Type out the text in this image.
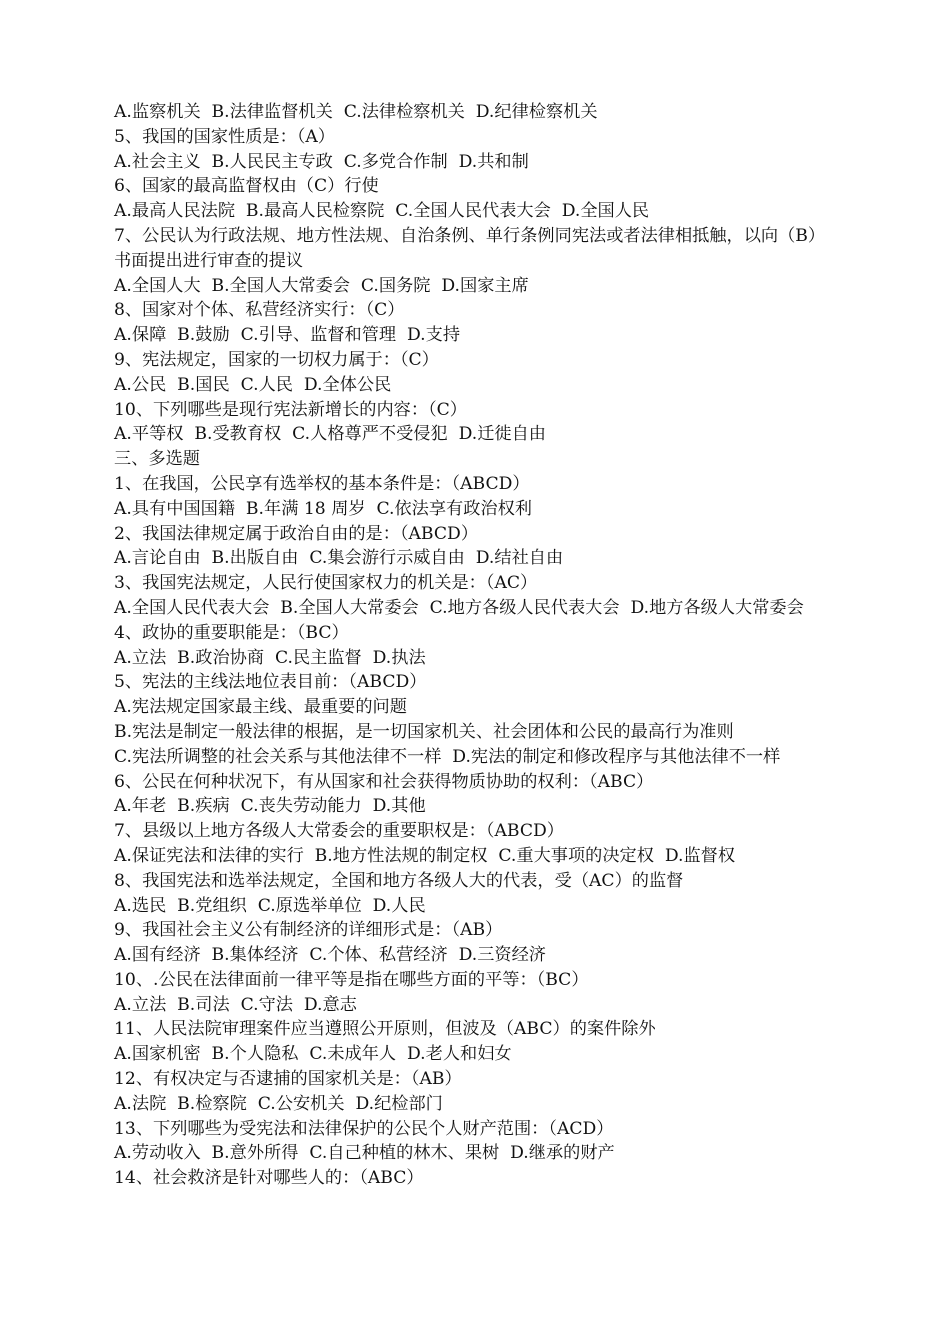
A.监察机关  B.法律监督机关  C.法律检察机关  D.纪律检察机关
5、我国的国家性质是：（A）
A.社会主义  B.人民民主专政  C.多党合作制  D.共和制
6、国家的最高监督权由（C）行使
A.最高人民法院  B.最高人民检察院  C.全国人民代表大会  D.全国人民
7、公民认为行政法规、地方性法规、自治条例、单行条例同宪法或者法律相抵触，以向（B）书面提出进行审查的提议
A.全国人大  B.全国人大常委会  C.国务院  D.国家主席
8、国家对个体、私营经济实行：（C）
A.保障  B.鼓励  C.引导、监督和管理  D.支持
9、宪法规定，国家的一切权力属于：（C）
A.公民  B.国民  C.人民  D.全体公民
10、下列哪些是现行宪法新增长的内容：（C）
A.平等权  B.受教育权  C.人格尊严不受侵犯  D.迁徙自由
三、多选题
1、在我国，公民享有选举权的基本条件是：（ABCD）
A.具有中国国籍  B.年满 18 周岁  C.依法享有政治权利
2、我国法律规定属于政治自由的是：（ABCD）
A.言论自由  B.出版自由  C.集会游行示威自由  D.结社自由
3、我国宪法规定，人民行使国家权力的机关是：（AC）
A.全国人民代表大会  B.全国人大常委会  C.地方各级人民代表大会  D.地方各级人大常委会
4、政协的重要职能是：（BC）
A.立法  B.政治协商  C.民主监督  D.执法
5、宪法的主线法地位表目前：（ABCD）
A.宪法规定国家最主线、最重要的问题
B.宪法是制定一般法律的根据，是一切国家机关、社会团体和公民的最高行为准则
C.宪法所调整的社会关系与其他法律不一样  D.宪法的制定和修改程序与其他法律不一样
6、公民在何种状况下，有从国家和社会获得物质协助的权利：（ABC）
A.年老  B.疾病  C.丧失劳动能力  D.其他
7、县级以上地方各级人大常委会的重要职权是：（ABCD）
A.保证宪法和法律的实行  B.地方性法规的制定权  C.重大事项的决定权  D.监督权
8、我国宪法和选举法规定，全国和地方各级人大的代表，受（AC）的监督
A.选民  B.党组织  C.原选举单位  D.人民
9、我国社会主义公有制经济的详细形式是：（AB）
A.国有经济  B.集体经济  C.个体、私营经济  D.三资经济
10、.公民在法律面前一律平等是指在哪些方面的平等：（BC）
A.立法  B.司法  C.守法  D.意志
11、人民法院审理案件应当遵照公开原则，但波及（ABC）的案件除外
A.国家机密  B.个人隐私  C.未成年人  D.老人和妇女
12、有权决定与否逮捕的国家机关是：（AB）
A.法院  B.检察院  C.公安机关  D.纪检部门
13、下列哪些为受宪法和法律保护的公民个人财产范围：（ACD）
A.劳动收入  B.意外所得  C.自己种植的林木、果树  D.继承的财产
14、社会救济是针对哪些人的：（ABC）
